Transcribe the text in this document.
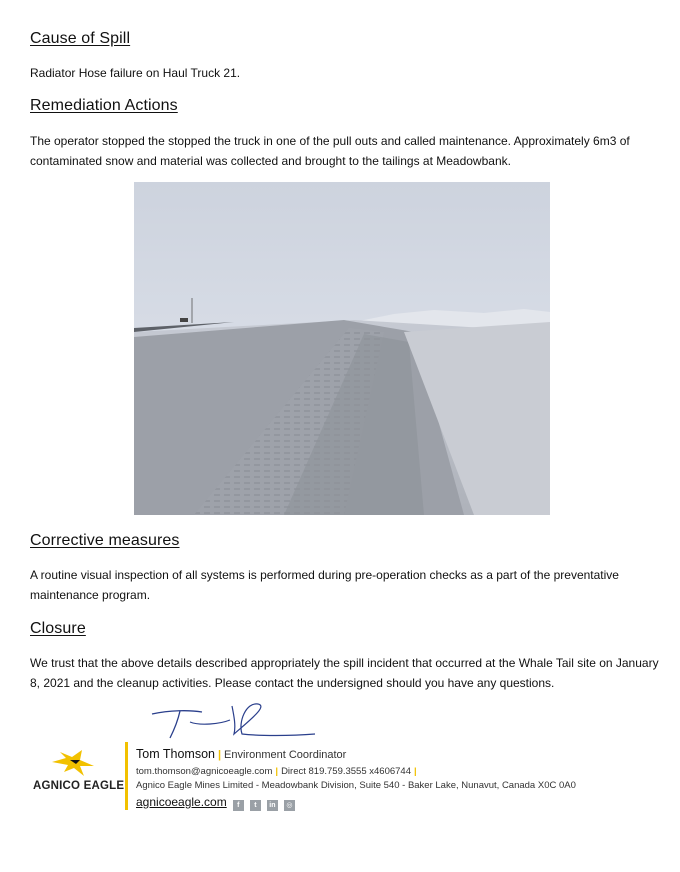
Cause of Spill

Radiator Hose failure on Haul Truck 21.

Remediation Actions

The operator stopped the stopped the truck in one of the pull outs and called maintenance. Approximately 6m3 of contaminated snow and material was collected and brought to the tailings at Meadowbank.

Corrective measures

A routine visual inspection of all systems is performed during pre-operation checks as a part of the preventative maintenance program.

Closure

We trust that the above details described appropriately the spill incident that occurred at the Whale Tail site on January 8, 2021 and the cleanup activities. Please contact the undersigned should you have any questions.

AGNICO EAGLE
Tom Thomson | Environment Coordinator
tom.thomson@agnicoeagle.com | Direct 819.759.3555 x4606744 |
Agnico Eagle Mines Limited - Meadowbank Division, Suite 540 - Baker Lake, Nunavut, Canada X0C 0A0
agnicoeagle.com f t in ◎
